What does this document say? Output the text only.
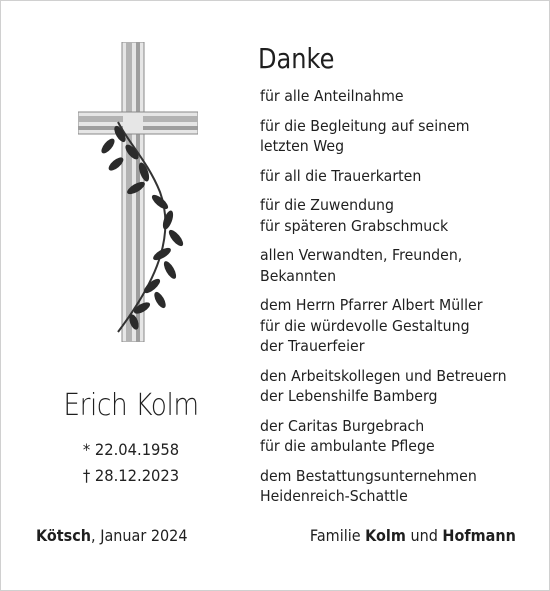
Erich Kolm
* 22.04.1958
† 28.12.2023
Danke
für alle Anteilnahme
für die Begleitung auf seinem
letzten Weg
für all die Trauerkarten
für die Zuwendung
für späteren Grabschmuck
allen Verwandten, Freunden,
Bekannten
dem Herrn Pfarrer Albert Müller
für die würdevolle Gestaltung
der Trauerfeier
den Arbeitskollegen und Betreuern
der Lebenshilfe Bamberg
der Caritas Burgebrach
für die ambulante Pflege
dem Bestattungsunternehmen
Heidenreich-Schattle
Kötsch, Januar 2024	Familie Kolm und Hofmann
